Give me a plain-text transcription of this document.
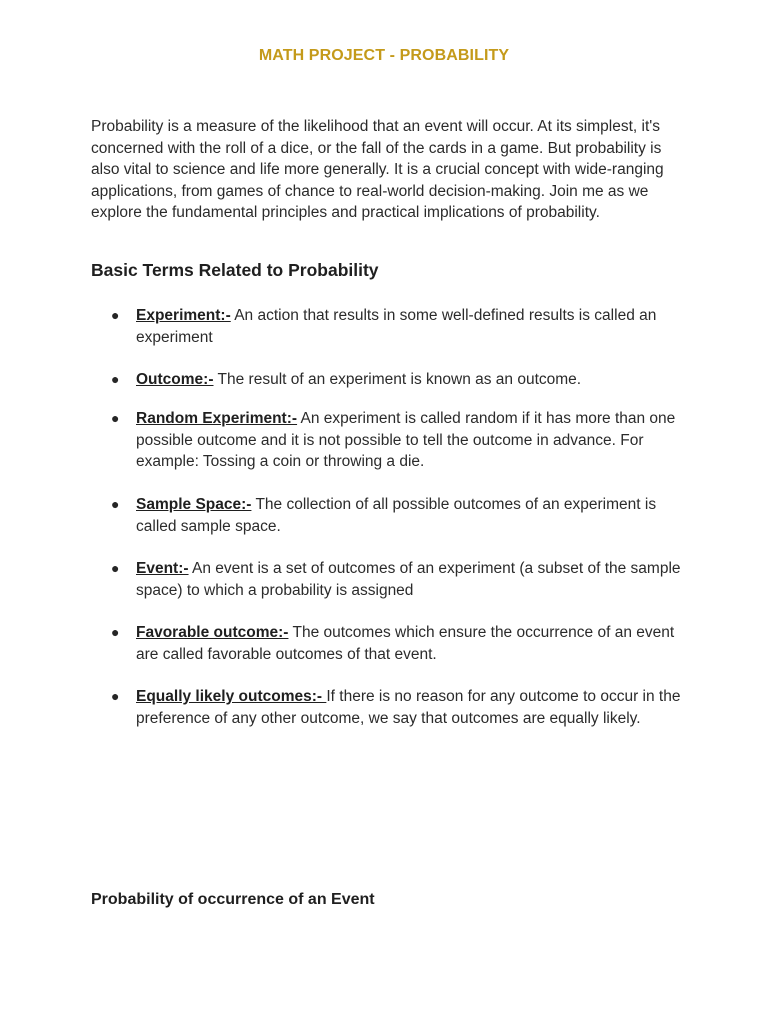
MATH PROJECT - PROBABILITY

Probability is a measure of the likelihood that an event will occur. At its simplest, it's concerned with the roll of a dice, or the fall of the cards in a game. But probability is also vital to science and life more generally. It is a crucial concept with wide-ranging applications, from games of chance to real-world decision-making. Join me as we explore the fundamental principles and practical implications of probability.

Basic Terms Related to Probability
● Experiment:- An action that results in some well-defined results is called an experiment

● Outcome:- The result of an experiment is known as an outcome.

● Random Experiment:- An experiment is called random if it has more than one possible outcome and it is not possible to tell the outcome in advance. For example: Tossing a coin or throwing a die.

● Sample Space:- The collection of all possible outcomes of an experiment is called sample space.

● Event:- An event is a set of outcomes of an experiment (a subset of the sample space) to which a probability is assigned

● Favorable outcome:- The outcomes which ensure the occurrence of an event are called favorable outcomes of that event.

● Equally likely outcomes:- If there is no reason for any outcome to occur in the preference of any other outcome, we say that outcomes are equally likely.

Probability of occurrence of an Event
